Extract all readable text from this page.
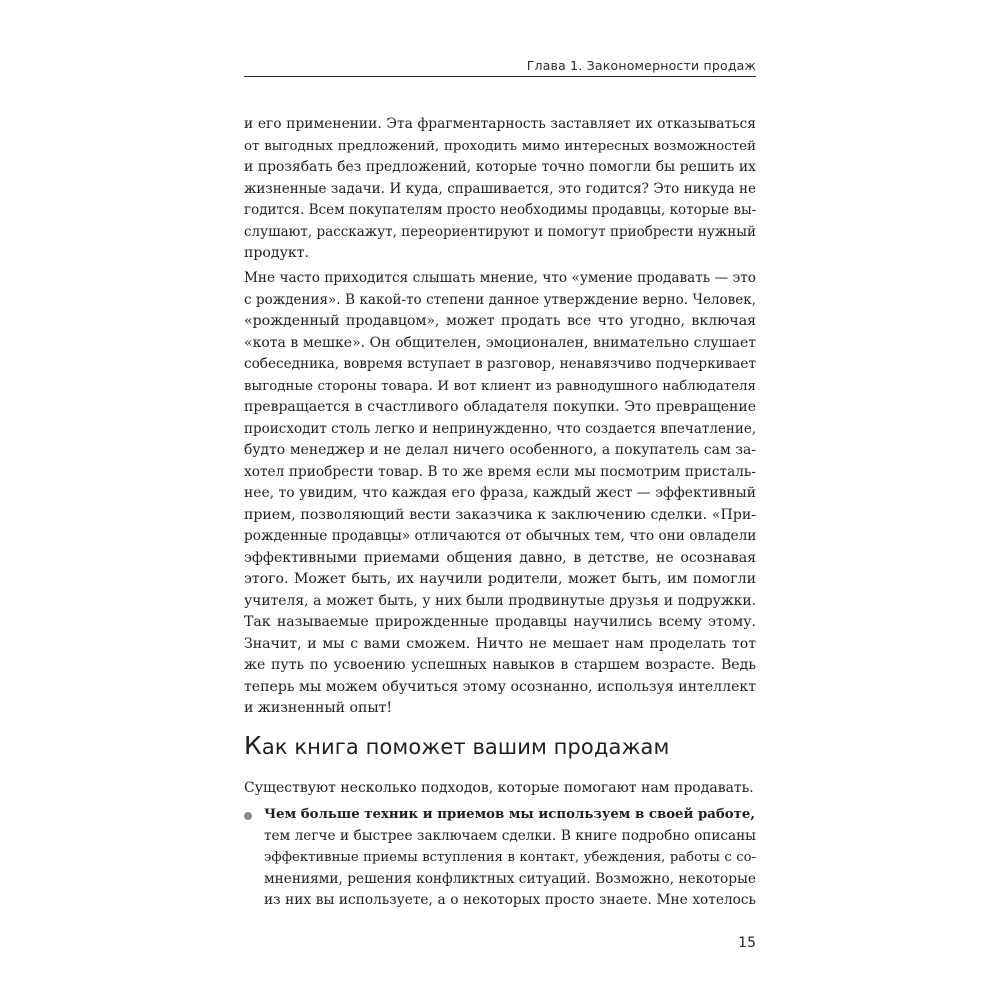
Глава 1. Закономерности продаж
и его применении. Эта фрагментарность заставляет их отказываться
от выгодных предложений, проходить мимо интересных возможностей
и прозябать без предложений, которые точно помогли бы решить их
жизненные задачи. И куда, спрашивается, это годится? Это никуда не
годится. Всем покупателям просто необходимы продавцы, которые вы-
слушают, расскажут, переориентируют и помогут приобрести нужный
продукт.
Мне часто приходится слышать мнение, что «умение продавать — это
с рождения». В какой-то степени данное утверждение верно. Человек,
«рожденный продавцом», может продать все что угодно, включая
«кота в мешке». Он общителен, эмоционален, внимательно слушает
собеседника, вовремя вступает в разговор, ненавязчиво подчеркивает
выгодные стороны товара. И вот клиент из равнодушного наблюдателя
превращается в счастливого обладателя покупки. Это превращение
происходит столь легко и непринужденно, что создается впечатление,
будто менеджер и не делал ничего особенного, а покупатель сам за-
хотел приобрести товар. В то же время если мы посмотрим присталь-
нее, то увидим, что каждая его фраза, каждый жест — эффективный
прием, позволяющий вести заказчика к заключению сделки. «При-
рожденные продавцы» отличаются от обычных тем, что они овладели
эффективными приемами общения давно, в детстве, не осознавая
этого. Может быть, их научили родители, может быть, им помогли
учителя, а может быть, у них были продвинутые друзья и подружки.
Так называемые прирожденные продавцы научились всему этому.
Значит, и мы с вами сможем. Ничто не мешает нам проделать тот
же путь по усвоению успешных навыков в старшем возрасте. Ведь
теперь мы можем обучиться этому осознанно, используя интеллект
и жизненный опыт!
Как книга поможет вашим продажам
Существуют несколько подходов, которые помогают нам продавать.
Чем больше техник и приемов мы используем в своей работе,
тем легче и быстрее заключаем сделки. В книге подробно описаны
эффективные приемы вступления в контакт, убеждения, работы с со-
мнениями, решения конфликтных ситуаций. Возможно, некоторые
из них вы используете, а о некоторых просто знаете. Мне хотелось
15
